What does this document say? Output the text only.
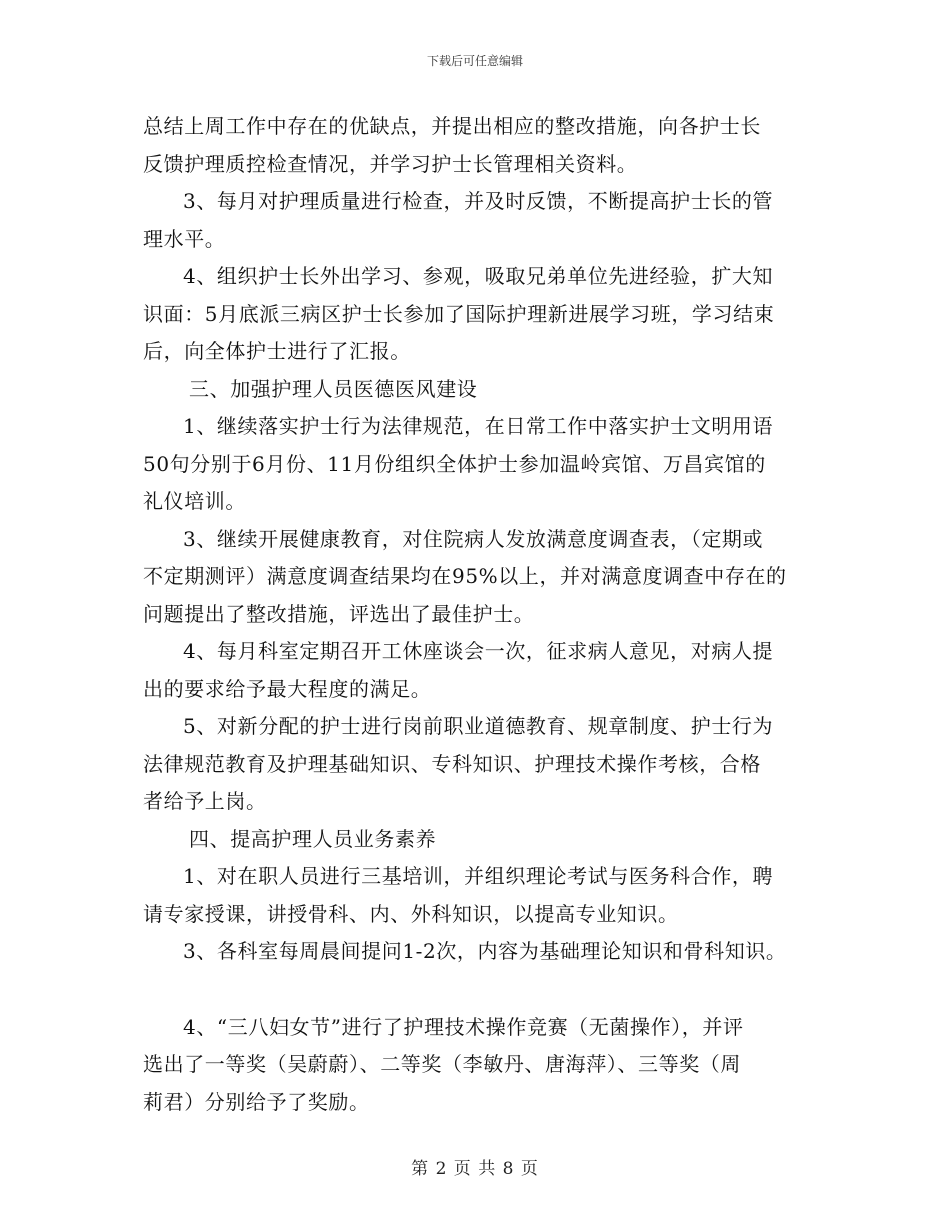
下载后可任意编辑
总结上周工作中存在的优缺点，并提出相应的整改措施，向各护士长
反馈护理质控检查情况，并学习护士长管理相关资料。
3、每月对护理质量进行检查，并及时反馈，不断提高护士长的管
理水平。
4、组织护士长外出学习、参观，吸取兄弟单位先进经验，扩大知
识面：5月底派三病区护士长参加了国际护理新进展学习班，学习结束
后，向全体护士进行了汇报。
三、加强护理人员医德医风建设
1、继续落实护士行为法律规范，在日常工作中落实护士文明用语
50句分别于6月份、11月份组织全体护士参加温岭宾馆、万昌宾馆的
礼仪培训。
3、继续开展健康教育，对住院病人发放满意度调查表，（定期或
不定期测评）满意度调查结果均在95%以上，并对满意度调查中存在的
问题提出了整改措施，评选出了最佳护士。
4、每月科室定期召开工休座谈会一次，征求病人意见，对病人提
出的要求给予最大程度的满足。
5、对新分配的护士进行岗前职业道德教育、规章制度、护士行为
法律规范教育及护理基础知识、专科知识、护理技术操作考核，合格
者给予上岗。
四、提高护理人员业务素养
1、对在职人员进行三基培训，并组织理论考试与医务科合作，聘
请专家授课，讲授骨科、内、外科知识，以提高专业知识。
3、各科室每周晨间提问1-2次，内容为基础理论知识和骨科知识。
4、“三八妇女节”进行了护理技术操作竞赛（无菌操作），并评
选出了一等奖（吴蔚蔚）、二等奖（李敏丹、唐海萍）、三等奖（周
莉君）分别给予了奖励。
第 2 页 共 8 页
